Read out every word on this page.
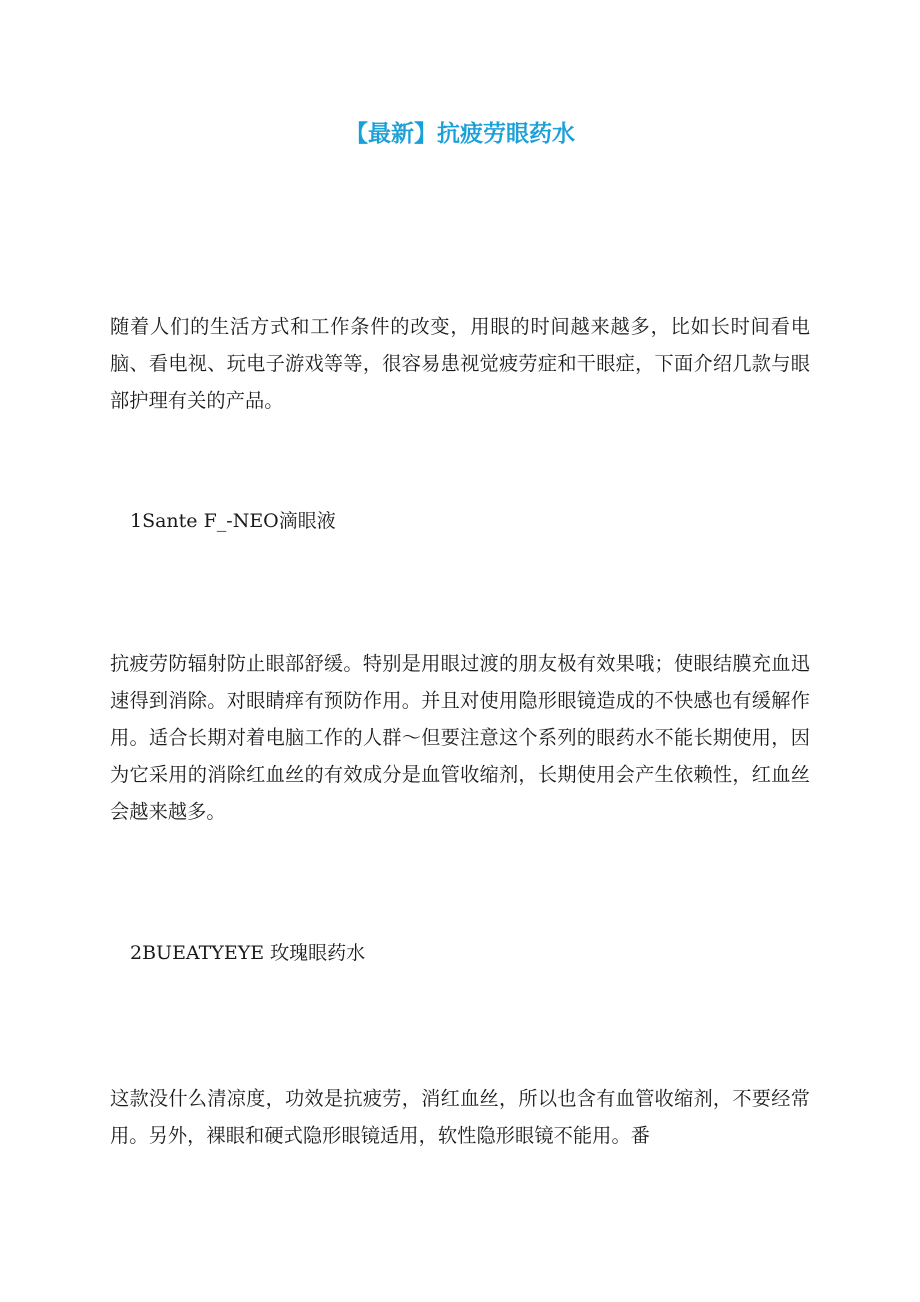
【最新】抗疲劳眼药水

随着人们的生活方式和工作条件的改变，用眼的时间越来越多，比如长时间看电脑、看电视、玩电子游戏等等，很容易患视觉疲劳症和干眼症，下面介绍几款与眼部护理有关的产品。

1Sante F_-NEO滴眼液

抗疲劳防辐射防止眼部舒缓。特别是用眼过渡的朋友极有效果哦；使眼结膜充血迅速得到消除。对眼睛痒有预防作用。并且对使用隐形眼镜造成的不快感也有缓解作用。适合长期对着电脑工作的人群～但要注意这个系列的眼药水不能长期使用，因为它采用的消除红血丝的有效成分是血管收缩剂，长期使用会产生依赖性，红血丝会越来越多。

2BUEATYEYE 玫瑰眼药水

这款没什么清凉度，功效是抗疲劳，消红血丝，所以也含有血管收缩剂，不要经常用。另外，裸眼和硬式隐形眼镜适用，软性隐形眼镜不能用。番
